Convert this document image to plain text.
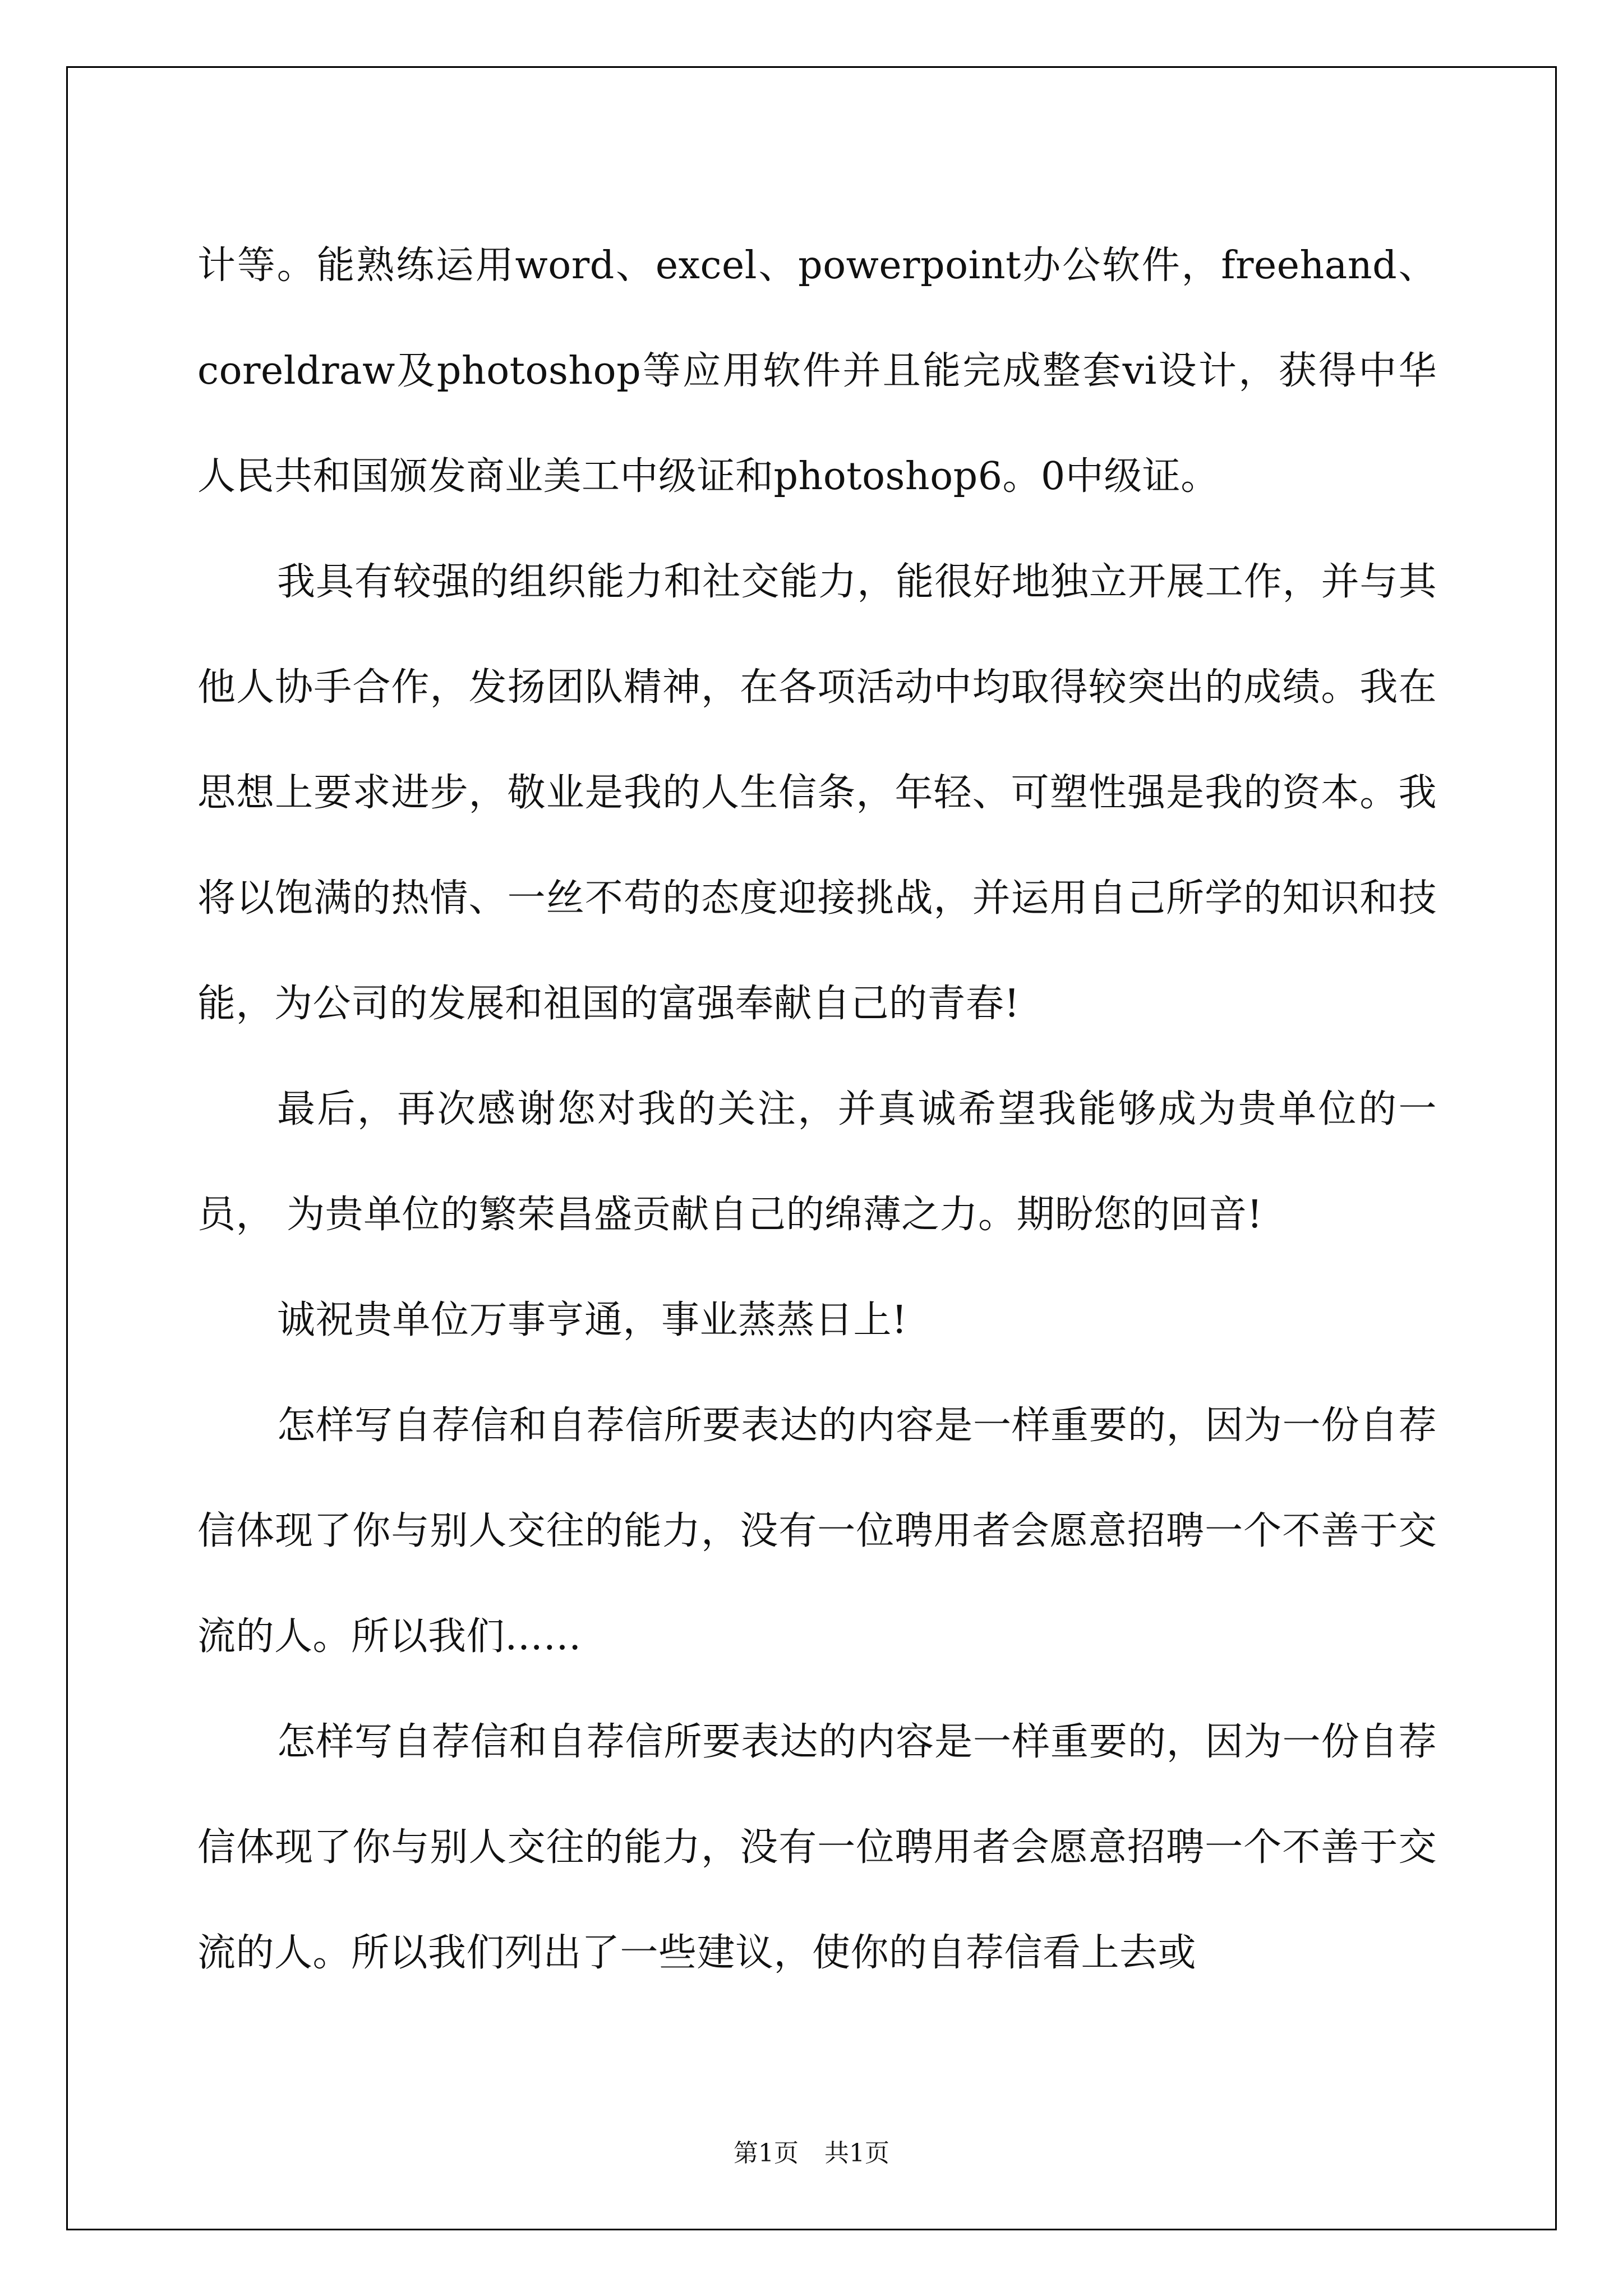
计等。能熟练运用word、excel、powerpoint办公软件，freehand、coreldraw及photoshop等应用软件并且能完成整套vi设计，获得中华人民共和国颁发商业美工中级证和photoshop6。0中级证。

我具有较强的组织能力和社交能力，能很好地独立开展工作，并与其他人协手合作，发扬团队精神，在各项活动中均取得较突出的成绩。我在思想上要求进步，敬业是我的人生信条，年轻、可塑性强是我的资本。我将以饱满的热情、一丝不苟的态度迎接挑战，并运用自己所学的知识和技能，为公司的发展和祖国的富强奉献自己的青春!

最后，再次感谢您对我的关注，并真诚希望我能够成为贵单位的一员， 为贵单位的繁荣昌盛贡献自己的绵薄之力。期盼您的回音!

诚祝贵单位万事亨通，事业蒸蒸日上!

怎样写自荐信和自荐信所要表达的内容是一样重要的，因为一份自荐信体现了你与别人交往的能力，没有一位聘用者会愿意招聘一个不善于交流的人。所以我们……

怎样写自荐信和自荐信所要表达的内容是一样重要的，因为一份自荐信体现了你与别人交往的能力，没有一位聘用者会愿意招聘一个不善于交流的人。所以我们列出了一些建议，使你的自荐信看上去或

第1页 共1页
